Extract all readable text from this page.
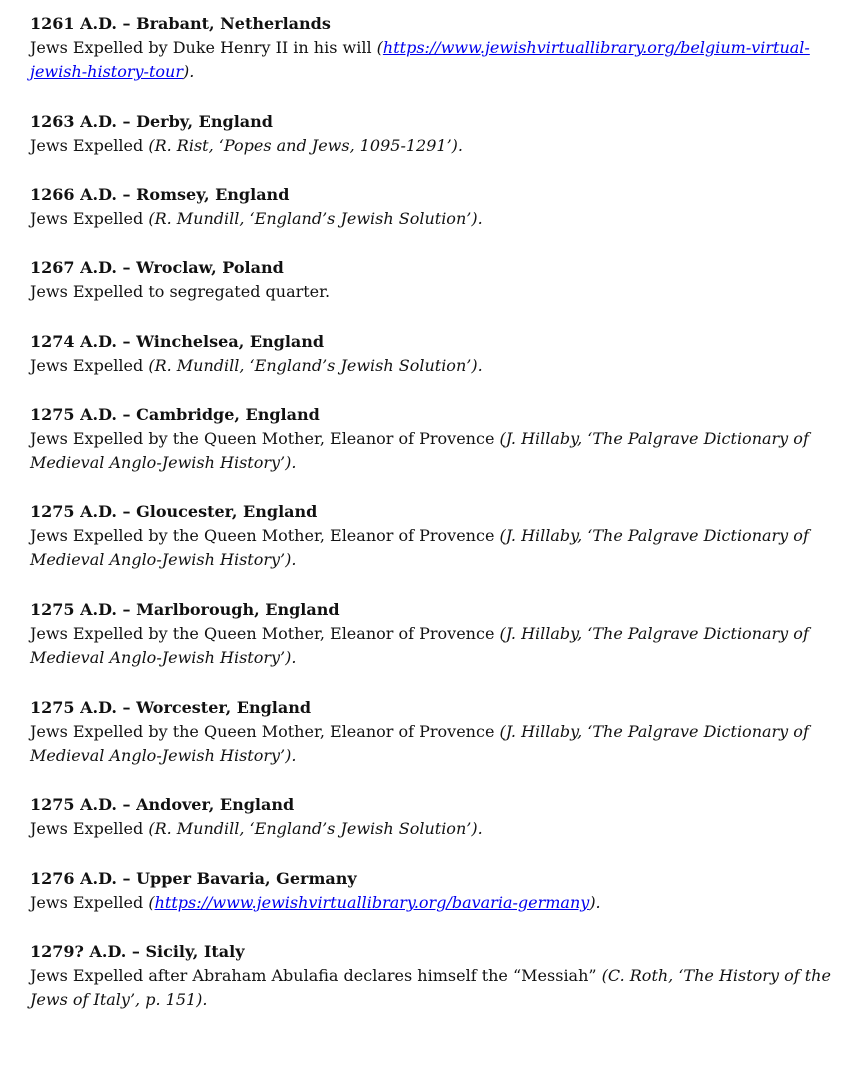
1261 A.D. – Brabant, Netherlands

Jews Expelled by Duke Henry II in his will (https://www.jewishvirtuallibrary.org/belgium-virtual-jewish-history-tour).

1263 A.D. – Derby, England

Jews Expelled (R. Rist, ‘Popes and Jews, 1095-1291’).

1266 A.D. – Romsey, England

Jews Expelled (R. Mundill, ‘England’s Jewish Solution’).

1267 A.D. – Wroclaw, Poland

Jews Expelled to segregated quarter.

1274 A.D. – Winchelsea, England

Jews Expelled (R. Mundill, ‘England’s Jewish Solution’).

1275 A.D. – Cambridge, England

Jews Expelled by the Queen Mother, Eleanor of Provence (J. Hillaby, ‘The Palgrave Dictionary of Medieval Anglo-Jewish History’).

1275 A.D. – Gloucester, England

Jews Expelled by the Queen Mother, Eleanor of Provence (J. Hillaby, ‘The Palgrave Dictionary of Medieval Anglo-Jewish History’).

1275 A.D. – Marlborough, England

Jews Expelled by the Queen Mother, Eleanor of Provence (J. Hillaby, ‘The Palgrave Dictionary of Medieval Anglo-Jewish History’).

1275 A.D. – Worcester, England

Jews Expelled by the Queen Mother, Eleanor of Provence (J. Hillaby, ‘The Palgrave Dictionary of Medieval Anglo-Jewish History’).

1275 A.D. – Andover, England

Jews Expelled (R. Mundill, ‘England’s Jewish Solution’).

1276 A.D. – Upper Bavaria, Germany

Jews Expelled (https://www.jewishvirtuallibrary.org/bavaria-germany).

1279? A.D. – Sicily, Italy

Jews Expelled after Abraham Abulafia declares himself the “Messiah” (C. Roth, ‘The History of the Jews of Italy’, p. 151).
